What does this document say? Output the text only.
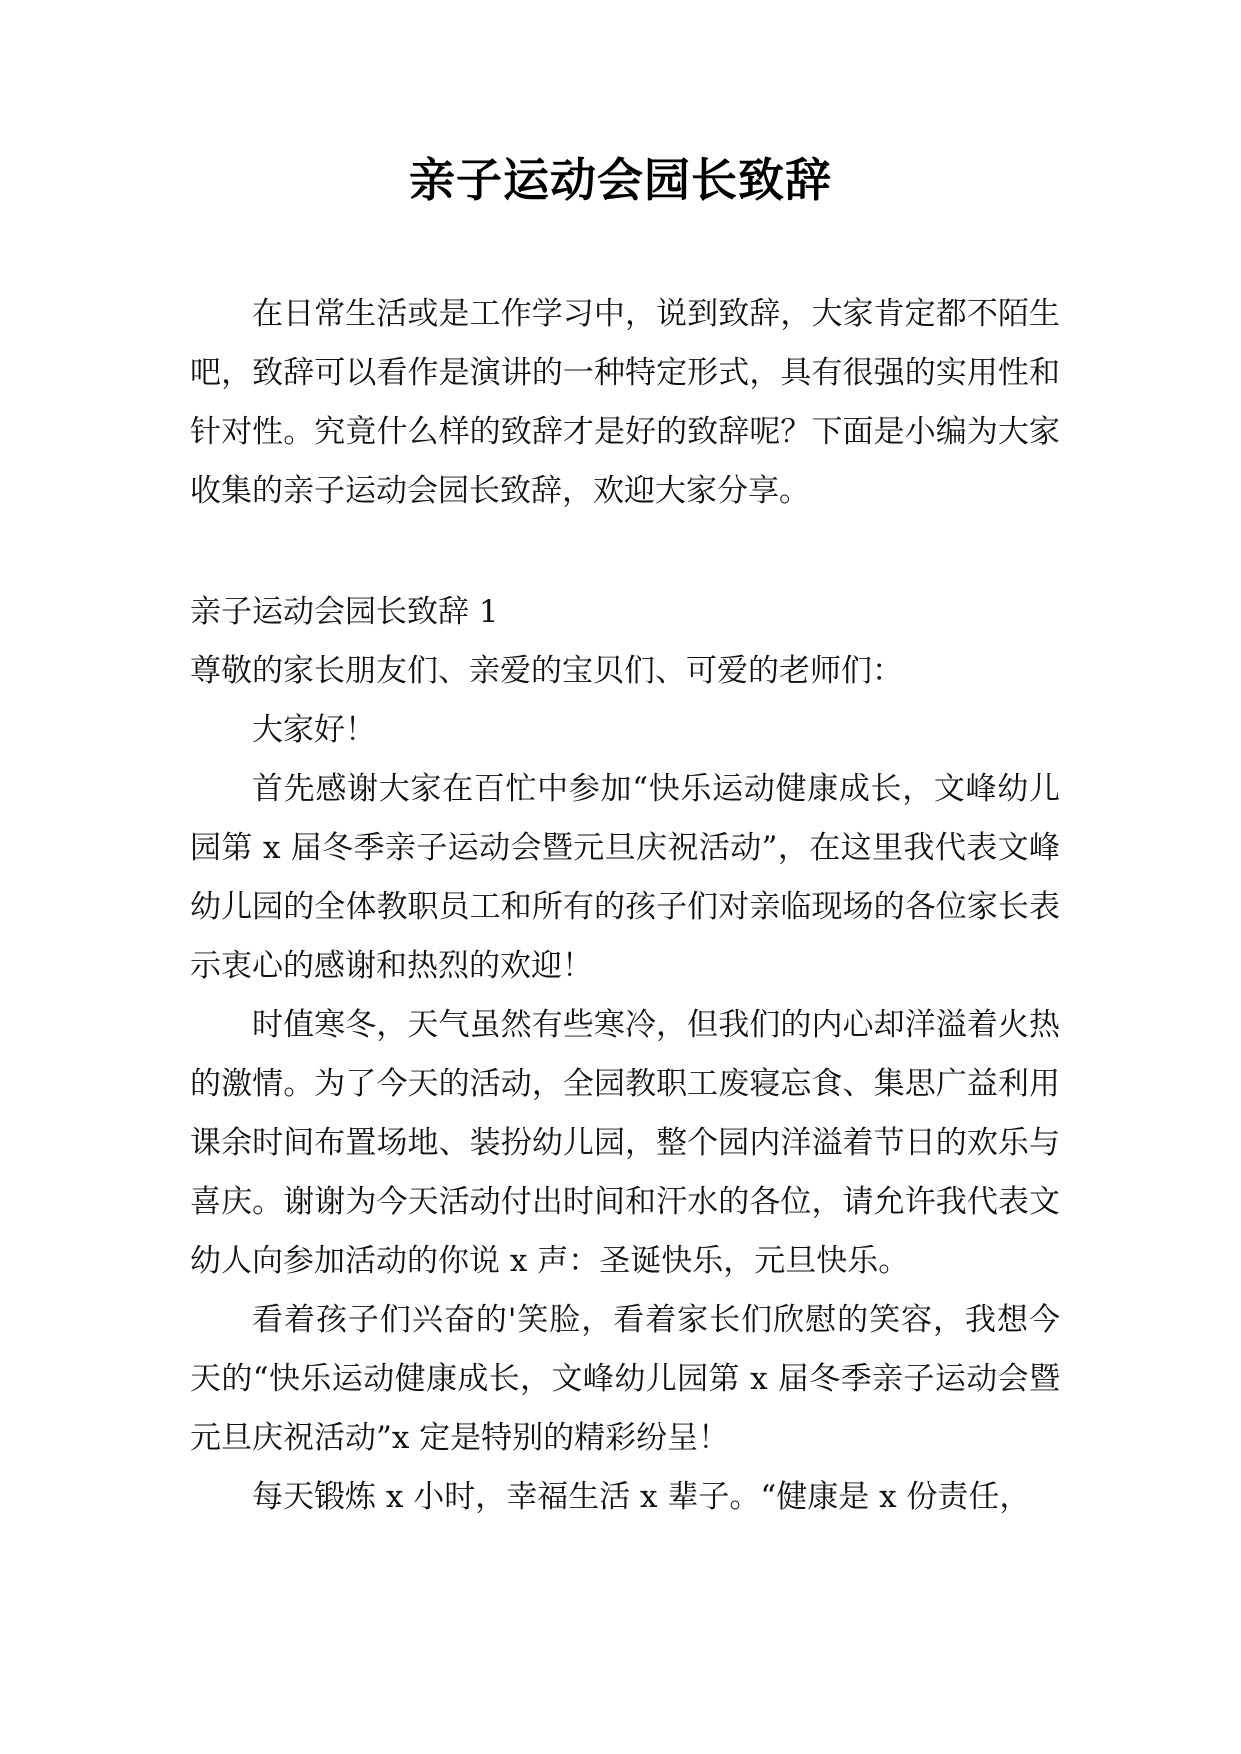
亲子运动会园长致辞

在日常生活或是工作学习中，说到致辞，大家肯定都不陌生吧，致辞可以看作是演讲的一种特定形式，具有很强的实用性和针对性。究竟什么样的致辞才是好的致辞呢？下面是小编为大家收集的亲子运动会园长致辞，欢迎大家分享。

亲子运动会园长致辞 1

尊敬的家长朋友们、亲爱的宝贝们、可爱的老师们：

大家好！

首先感谢大家在百忙中参加“快乐运动健康成长，文峰幼儿园第 x 届冬季亲子运动会暨元旦庆祝活动”，在这里我代表文峰幼儿园的全体教职员工和所有的孩子们对亲临现场的各位家长表示衷心的感谢和热烈的欢迎！

时值寒冬，天气虽然有些寒冷，但我们的内心却洋溢着火热的激情。为了今天的活动，全园教职工废寝忘食、集思广益利用课余时间布置场地、装扮幼儿园，整个园内洋溢着节日的欢乐与喜庆。谢谢为今天活动付出时间和汗水的各位，请允许我代表文幼人向参加活动的你说 x 声：圣诞快乐，元旦快乐。

看着孩子们兴奋的'笑脸，看着家长们欣慰的笑容，我想今天的“快乐运动健康成长，文峰幼儿园第 x 届冬季亲子运动会暨元旦庆祝活动”x 定是特别的精彩纷呈！

每天锻炼 x 小时，幸福生活 x 辈子。“健康是 x 份责任，
